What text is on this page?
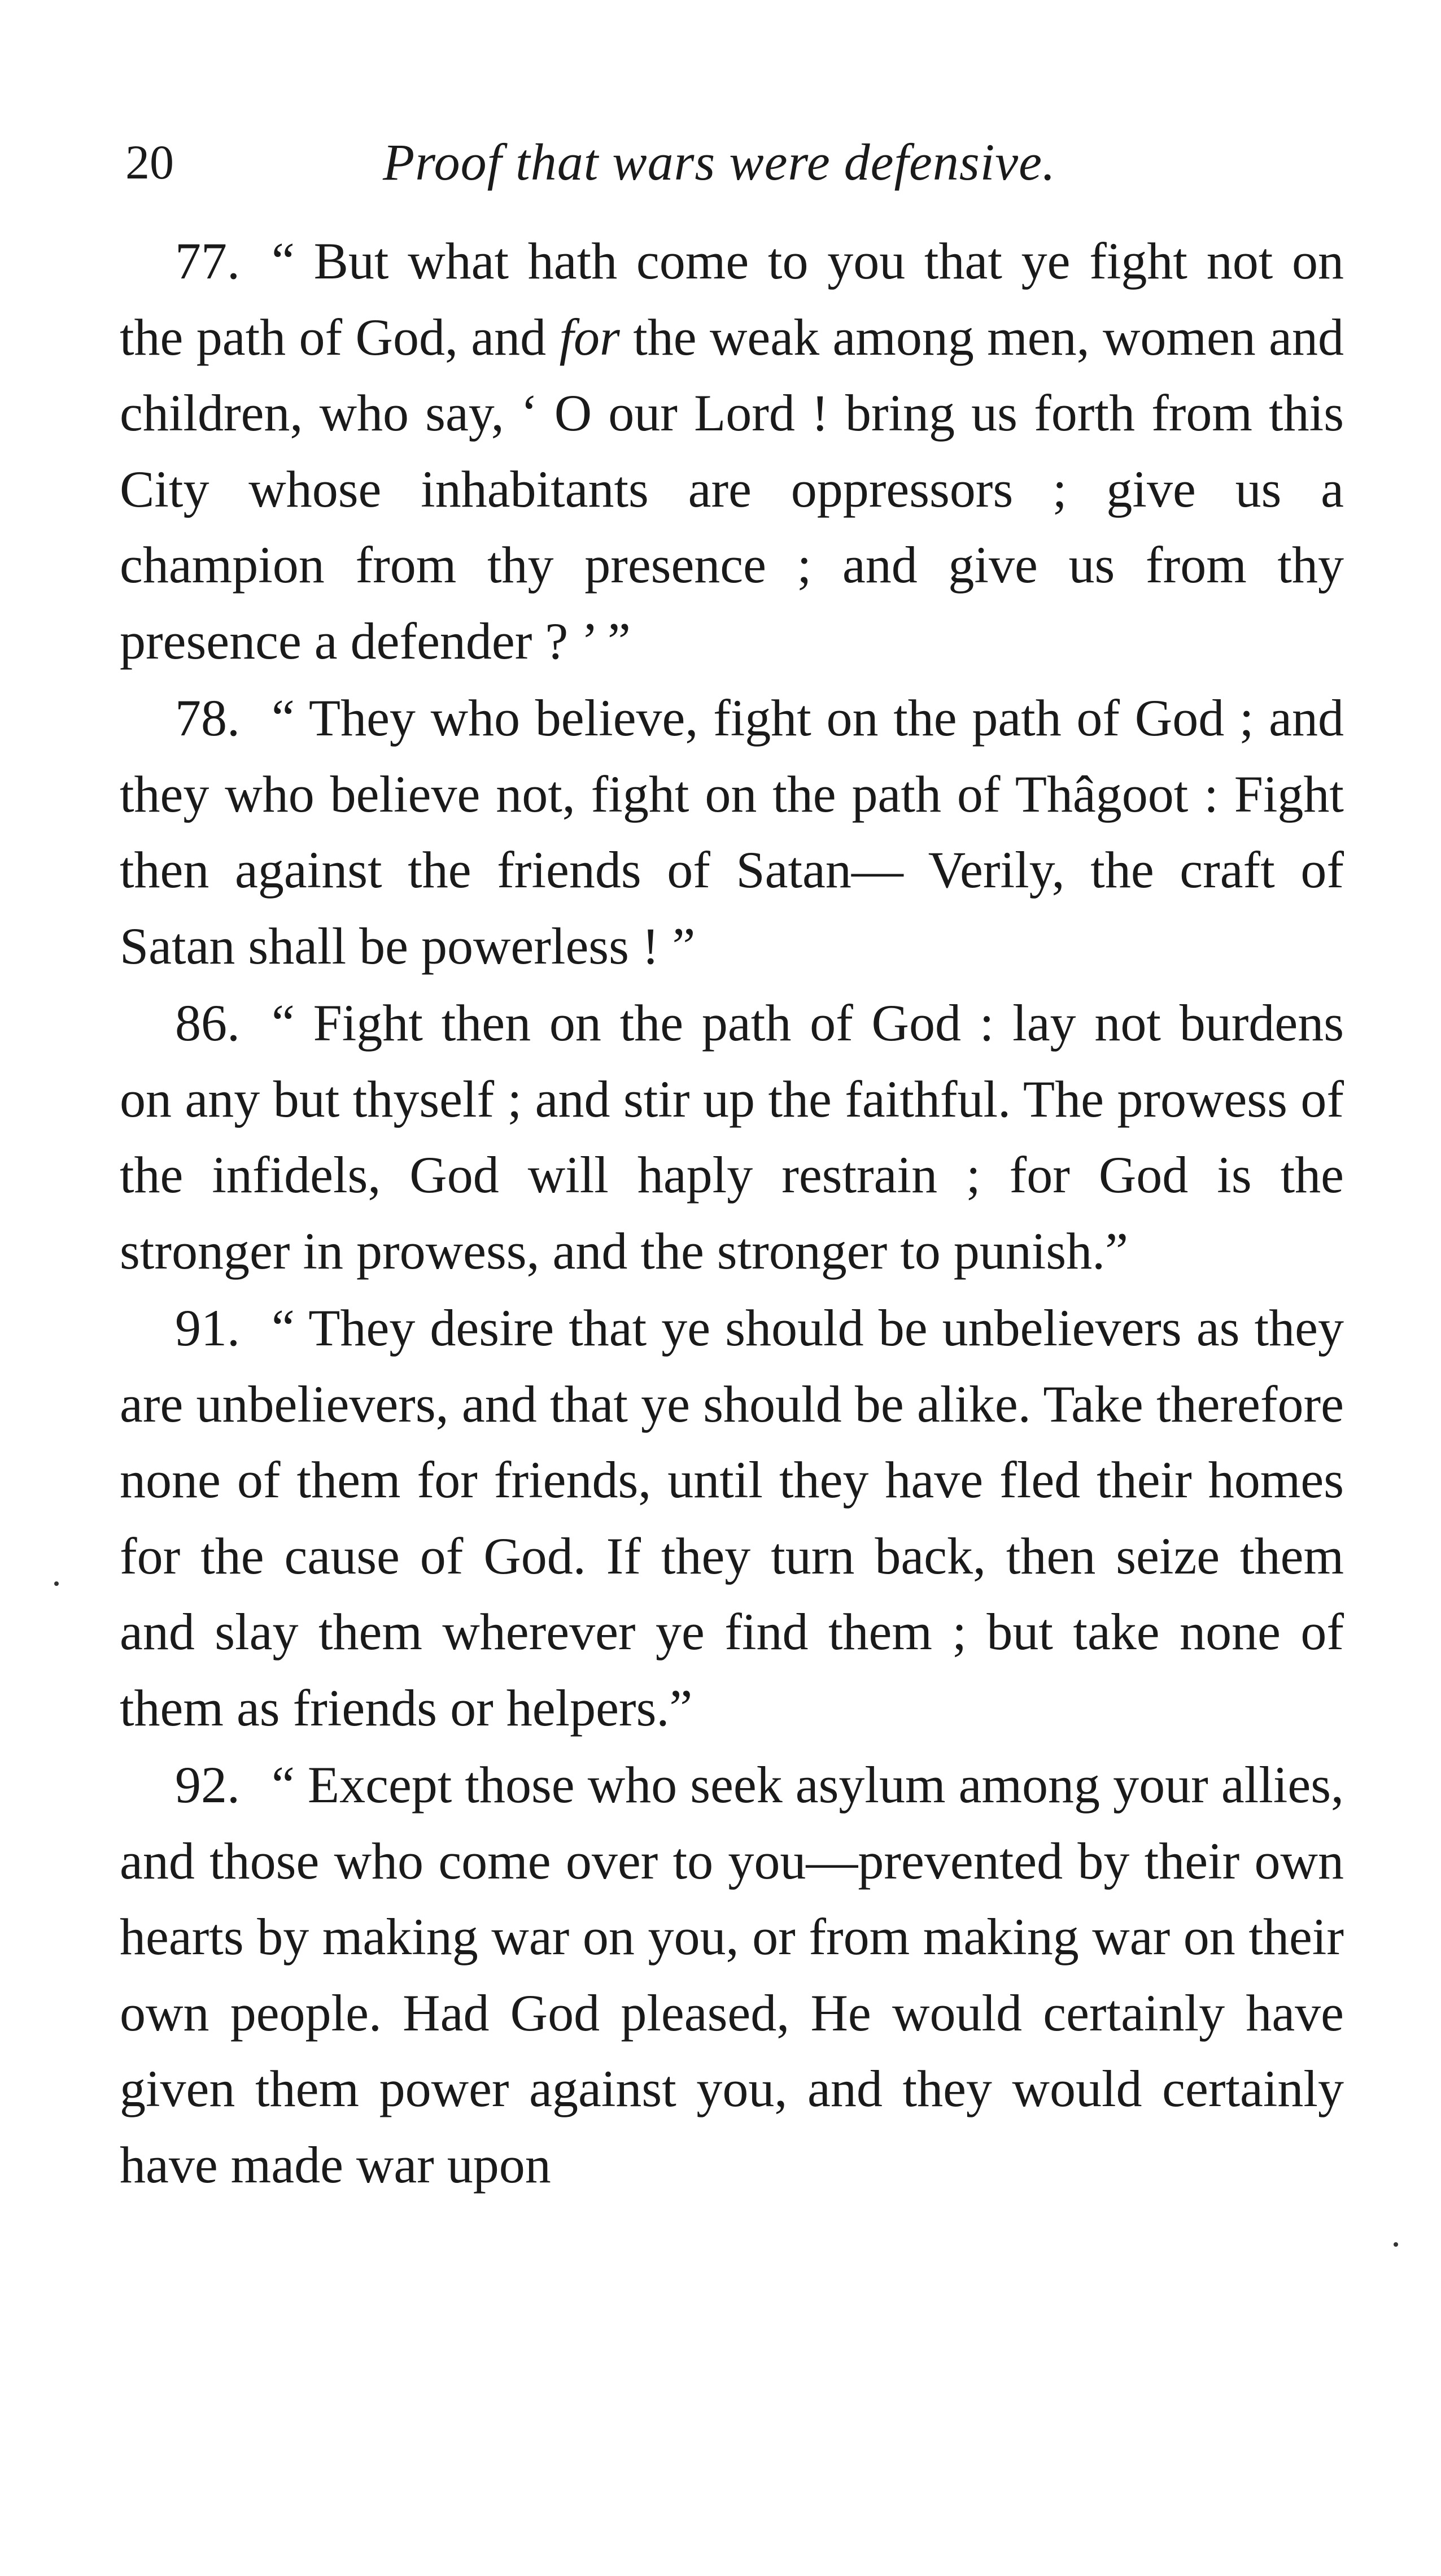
20	Proof that wars were defensive.

77. “ But what hath come to you that ye fight not on the path of God, and for the weak among men, women and children, who say, ‘ O our Lord ! bring us forth from this City whose inhabitants are oppressors ; give us a champion from thy presence ; and give us from thy presence a defender ? ’ ”

78. “ They who believe, fight on the path of God ; and they who believe not, fight on the path of Thâgoot : Fight then against the friends of Satan— Verily, the craft of Satan shall be powerless ! ”

86. “ Fight then on the path of God : lay not burdens on any but thyself ; and stir up the faithful. The prowess of the infidels, God will haply restrain ; for God is the stronger in prowess, and the stronger to punish.”

91. “ They desire that ye should be unbelievers as they are unbelievers, and that ye should be alike. Take therefore none of them for friends, until they have fled their homes for the cause of God. If they turn back, then seize them and slay them wherever ye find them ; but take none of them as friends or helpers.”

92. “ Except those who seek asylum among your allies, and those who come over to you—prevented by their own hearts by making war on you, or from making war on their own people. Had God pleased, He would certainly have given them power against you, and they would certainly have made war upon
